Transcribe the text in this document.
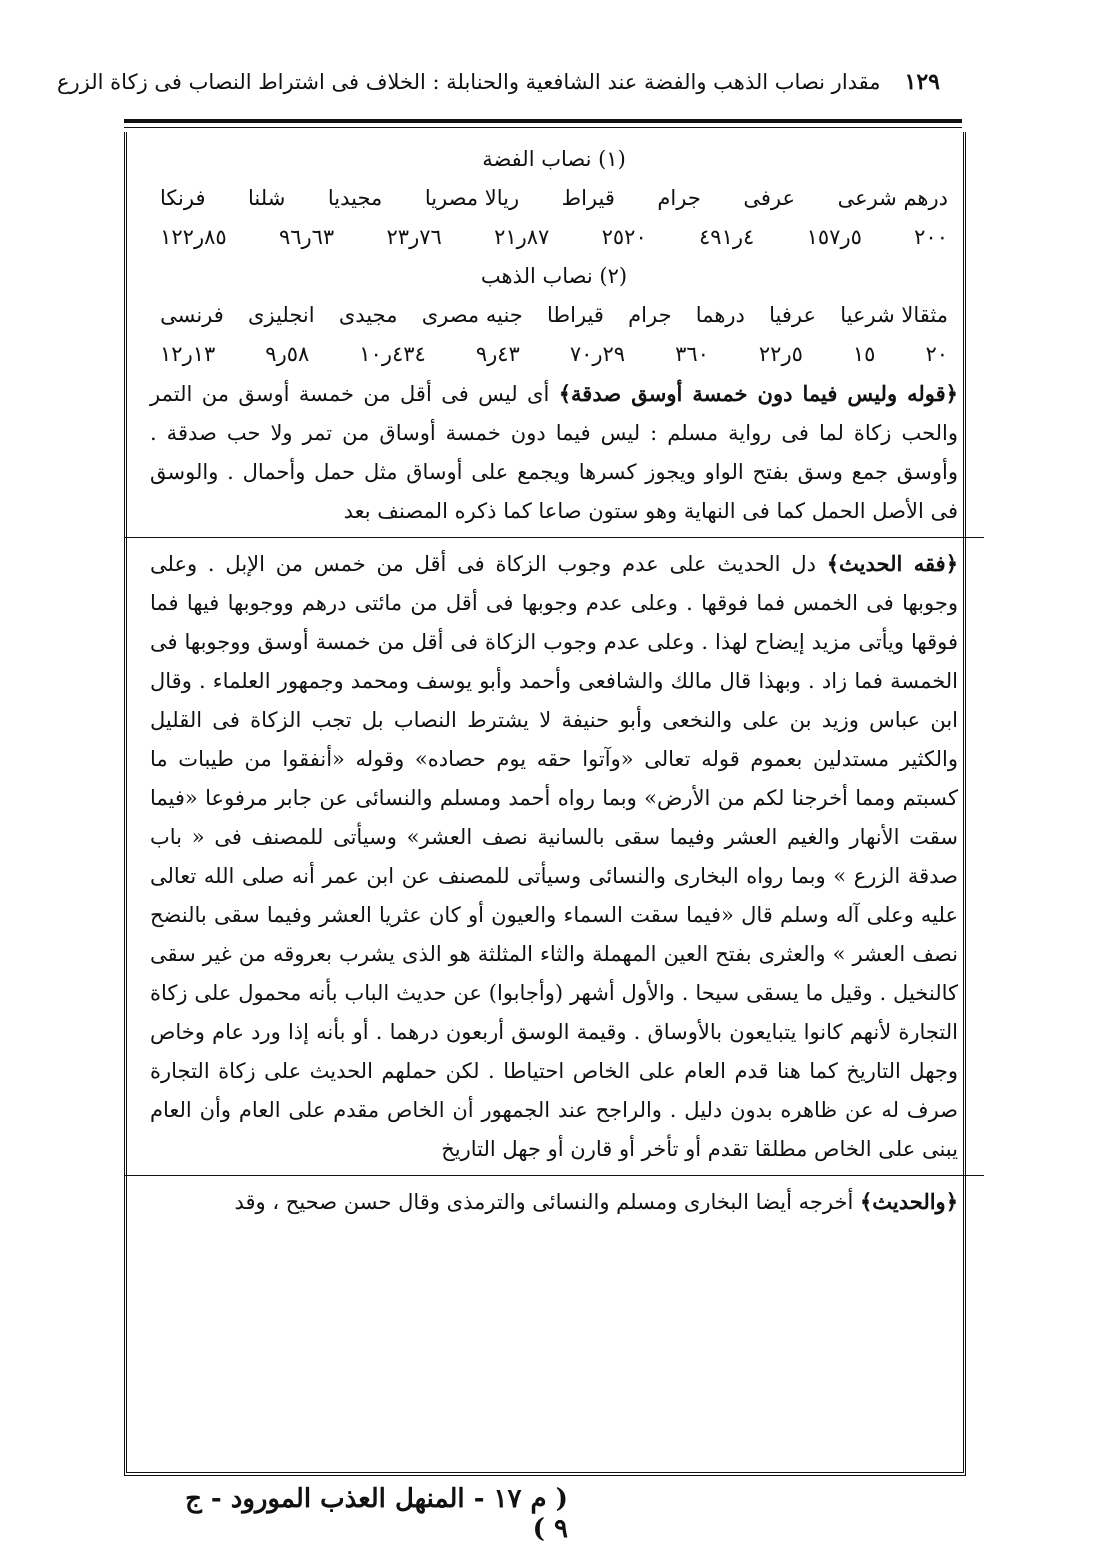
١٢٩
مقدار نصاب الذهب والفضة عند الشافعية والحنابلة : الخلاف فى اشتراط النصاب فى زكاة الزرع
(١) نصاب الفضة
درهم شرعى
عرفى
جرام
قيراط
ريالا مصريا
مجيديا
شلنا
فرنكا
٢٠٠
٥ر١٥٧
٤ر٤٩١
٢٥٢٠
٨٧ر٢١
٧٦ر٢٣
٦٣ر٩٦
٨٥ر١٢٢
(٢) نصاب الذهب
مثقالا شرعيا
عرفيا
درهما
جرام
قيراطا
جنيه مصرى
مجيدى
انجليزى
فرنسى
٢٠
١٥
٥ر٢٢
٣٦٠
٢٩ر٧٠
٤٣ر٩
٤٣٤ر١٠
٥٨ر٩
١٣ر١٢

﴿قوله وليس فيما دون خمسة أوسق صدقة﴾ أى ليس فى أقل من خمسة أوسق من التمر والحب زكاة لما فى رواية مسلم : ليس فيما دون خمسة أوساق من تمر ولا حب صدقة . وأوسق جمع وسق بفتح الواو ويجوز كسرها ويجمع على أوساق مثل حمل وأحمال . والوسق فى الأصل الحمل كما فى النهاية وهو ستون صاعا كما ذكره المصنف بعد

﴿فقه الحديث﴾ دل الحديث على عدم وجوب الزكاة فى أقل من خمس من الإبل . وعلى وجوبها فى الخمس فما فوقها . وعلى عدم وجوبها فى أقل من مائتى درهم ووجوبها فيها فما فوقها ويأتى مزيد إيضاح لهذا . وعلى عدم وجوب الزكاة فى أقل من خمسة أوسق ووجوبها فى الخمسة فما زاد . وبهذا قال مالك والشافعى وأحمد وأبو يوسف ومحمد وجمهور العلماء . وقال ابن عباس وزيد بن على والنخعى وأبو حنيفة لا يشترط النصاب بل تجب الزكاة فى القليل والكثير مستدلين بعموم قوله تعالى «وآتوا حقه يوم حصاده» وقوله «أنفقوا من طيبات ما كسبتم ومما أخرجنا لكم من الأرض» وبما رواه أحمد ومسلم والنسائى عن جابر مرفوعا «فيما سقت الأنهار والغيم العشر وفيما سقى بالسانية نصف العشر» وسيأتى للمصنف فى « باب صدقة الزرع » وبما رواه البخارى والنسائى وسيأتى للمصنف عن ابن عمر أنه صلى الله تعالى عليه وعلى آله وسلم قال «فيما سقت السماء والعيون أو كان عثريا العشر وفيما سقى بالنضح نصف العشر » والعثرى بفتح العين المهملة والثاء المثلثة هو الذى يشرب بعروقه من غير سقى كالنخيل . وقيل ما يسقى سيحا . والأول أشهر (وأجابوا) عن حديث الباب بأنه محمول على زكاة التجارة لأنهم كانوا يتبايعون بالأوساق . وقيمة الوسق أربعون درهما . أو بأنه إذا ورد عام وخاص وجهل التاريخ كما هنا قدم العام على الخاص احتياطا . لكن حملهم الحديث على زكاة التجارة صرف له عن ظاهره بدون دليل . والراجح عند الجمهور أن الخاص مقدم على العام وأن العام يبنى على الخاص مطلقا تقدم أو تأخر أو قارن أو جهل التاريخ

﴿والحديث﴾ أخرجه أيضا البخارى ومسلم والنسائى والترمذى وقال حسن صحيح ، وقد

( م ١٧ - المنهل العذب المورود - ج ٩ )
